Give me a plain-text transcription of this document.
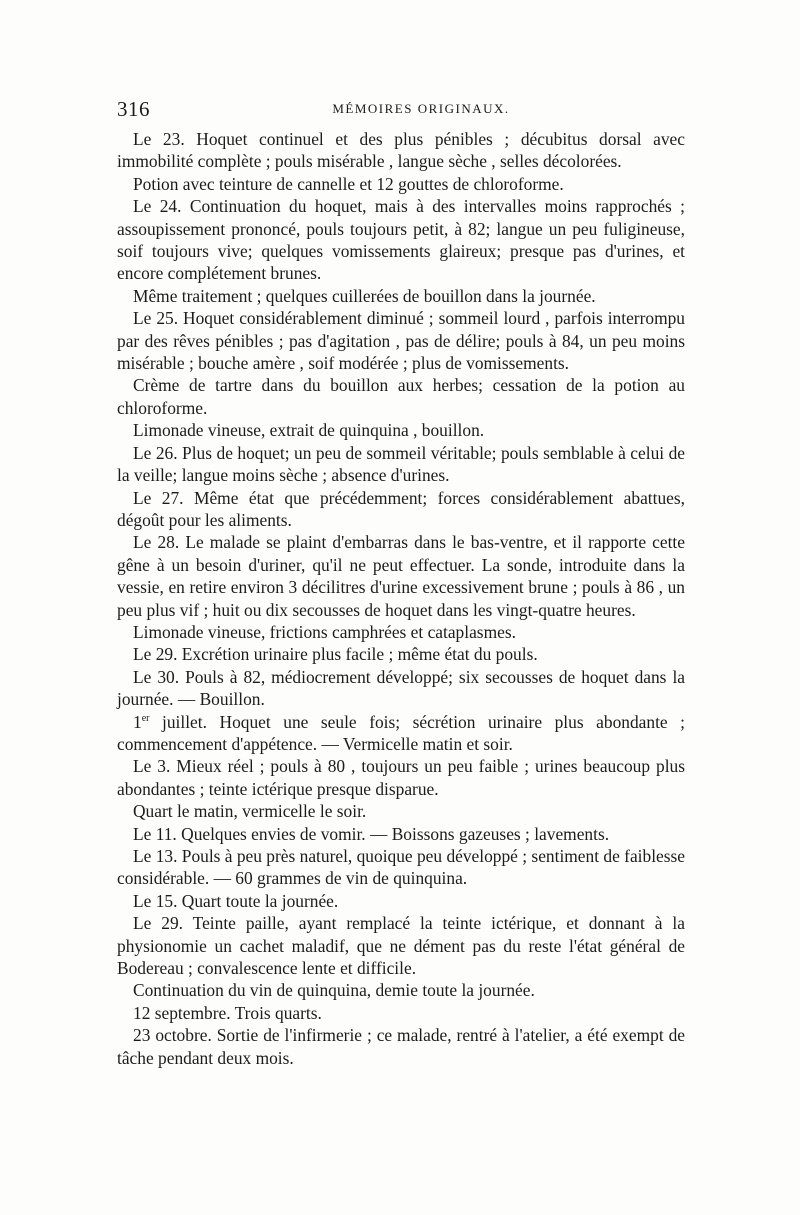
316	MÉMOIRES ORIGINAUX.

Le 23. Hoquet continuel et des plus pénibles ; décubitus dorsal avec immobilité complète ; pouls misérable , langue sèche , selles décolorées.

Potion avec teinture de cannelle et 12 gouttes de chloroforme.

Le 24. Continuation du hoquet, mais à des intervalles moins rapprochés ; assoupissement prononcé, pouls toujours petit, à 82; langue un peu fuligineuse, soif toujours vive; quelques vomissements glaireux; presque pas d'urines, et encore complétement brunes.

Même traitement ; quelques cuillerées de bouillon dans la journée.

Le 25. Hoquet considérablement diminué ; sommeil lourd , parfois interrompu par des rêves pénibles ; pas d'agitation , pas de délire; pouls à 84, un peu moins misérable ; bouche amère , soif modérée ; plus de vomissements.

Crème de tartre dans du bouillon aux herbes; cessation de la potion au chloroforme.

Limonade vineuse, extrait de quinquina , bouillon.

Le 26. Plus de hoquet; un peu de sommeil véritable; pouls semblable à celui de la veille; langue moins sèche ; absence d'urines.

Le 27. Même état que précédemment; forces considérablement abattues, dégoût pour les aliments.

Le 28. Le malade se plaint d'embarras dans le bas-ventre, et il rapporte cette gêne à un besoin d'uriner, qu'il ne peut effectuer. La sonde, introduite dans la vessie, en retire environ 3 décilitres d'urine excessivement brune ; pouls à 86 , un peu plus vif ; huit ou dix secousses de hoquet dans les vingt-quatre heures.

Limonade vineuse, frictions camphrées et cataplasmes.

Le 29. Excrétion urinaire plus facile ; même état du pouls.

Le 30. Pouls à 82, médiocrement développé; six secousses de hoquet dans la journée. — Bouillon.

1er juillet. Hoquet une seule fois; sécrétion urinaire plus abondante ; commencement d'appétence. — Vermicelle matin et soir.

Le 3. Mieux réel ; pouls à 80 , toujours un peu faible ; urines beaucoup plus abondantes ; teinte ictérique presque disparue.

Quart le matin, vermicelle le soir.

Le 11. Quelques envies de vomir. — Boissons gazeuses ; lavements.

Le 13. Pouls à peu près naturel, quoique peu développé ; sentiment de faiblesse considérable. — 60 grammes de vin de quinquina.

Le 15. Quart toute la journée.

Le 29. Teinte paille, ayant remplacé la teinte ictérique, et donnant à la physionomie un cachet maladif, que ne dément pas du reste l'état général de Bodereau ; convalescence lente et difficile.

Continuation du vin de quinquina, demie toute la journée.

12 septembre. Trois quarts.

23 octobre. Sortie de l'infirmerie ; ce malade, rentré à l'atelier, a été exempt de tâche pendant deux mois.
